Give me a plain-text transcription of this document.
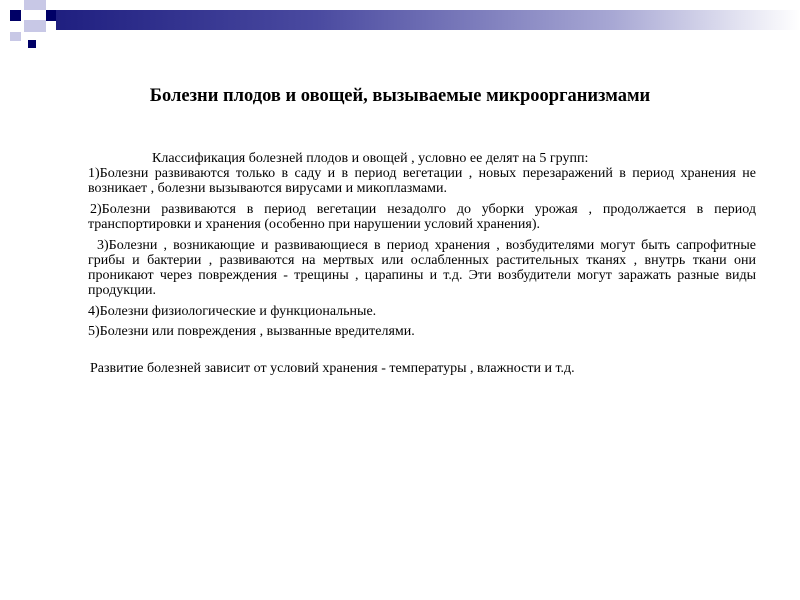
Болезни плодов и овощей, вызываемые микроорганизмами

Классификация болезней плодов и овощей , условно ее делят на 5 групп:

1)Болезни развиваются только в саду и в период вегетации , новых перезаражений в период хранения не возникает , болезни вызываются вирусами и микоплазмами.

2)Болезни развиваются в период вегетации незадолго до уборки урожая , продолжается в период транспортировки и хранения (особенно при нарушении условий хранения).

3)Болезни , возникающие и развивающиеся в период хранения , возбудителями могут быть сапрофитные грибы и бактерии , развиваются на мертвых или ослабленных растительных тканях , внутрь ткани они проникают через повреждения - трещины , царапины и т.д. Эти возбудители могут заражать разные виды продукции.

4)Болезни физиологические и функциональные.

5)Болезни или повреждения , вызванные вредителями.

Развитие болезней зависит от условий хранения - температуры , влажности и т.д.
